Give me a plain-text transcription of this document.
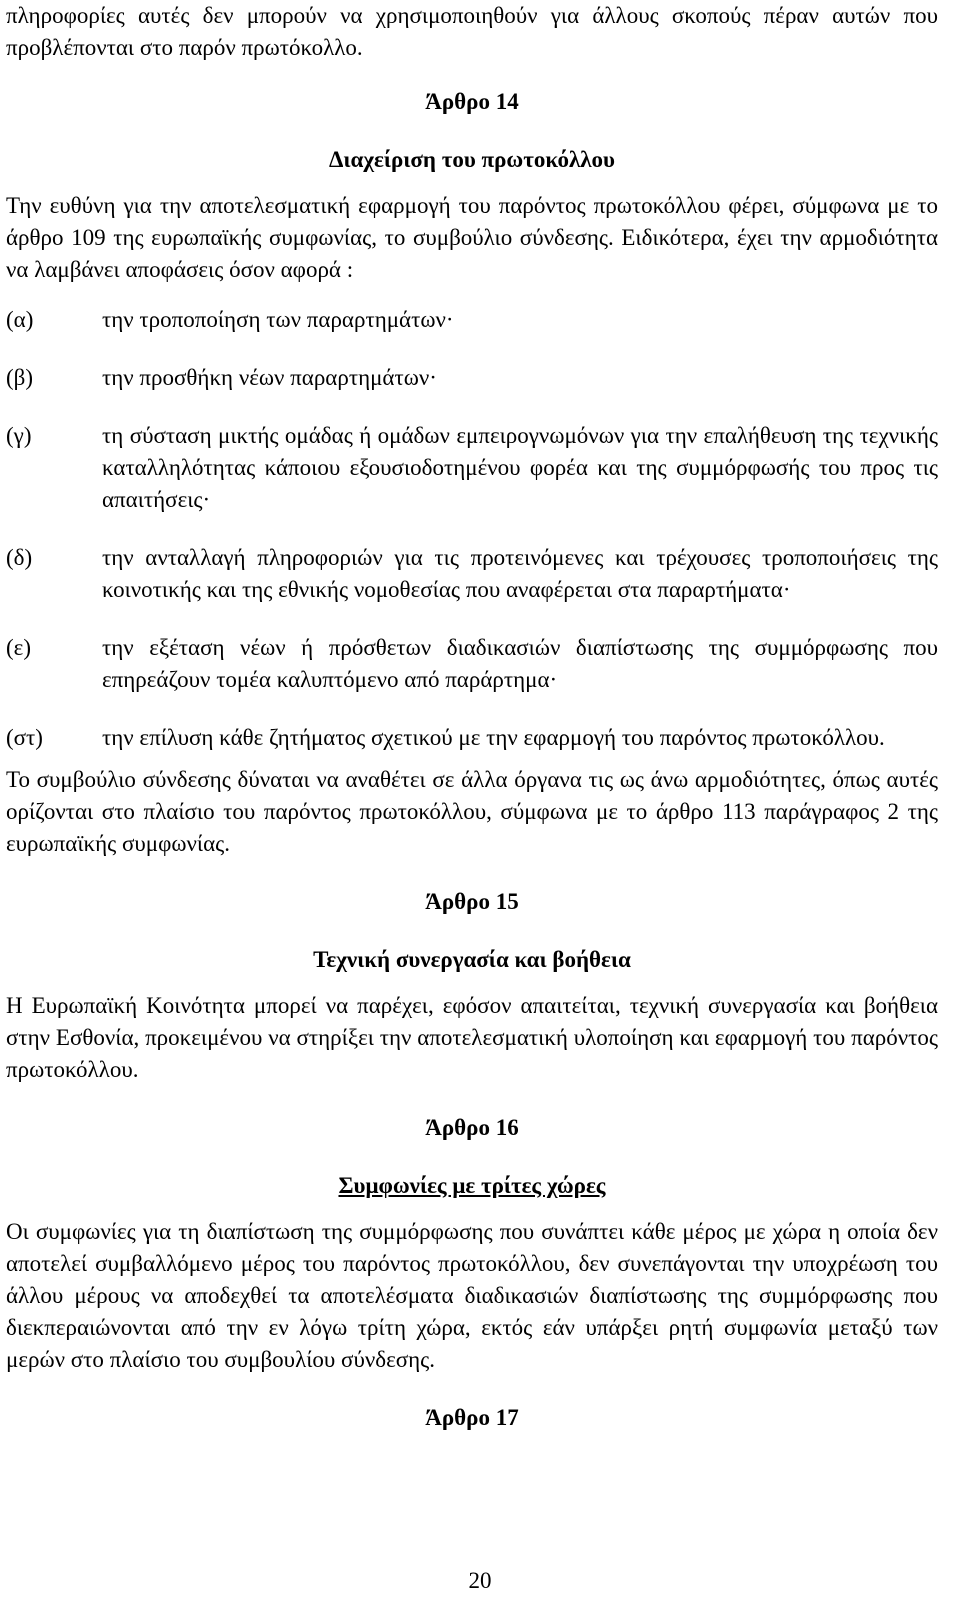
πληροφορίες αυτές δεν μπορούν να χρησιμοποιηθούν για άλλους σκοπούς πέραν αυτών που προβλέπονται στο παρόν πρωτόκολλο.

Άρθρο 14
Διαχείριση του πρωτοκόλλου

Την ευθύνη για την αποτελεσματική εφαρμογή του παρόντος πρωτοκόλλου φέρει, σύμφωνα με το άρθρο 109 της ευρωπαϊκής συμφωνίας, το συμβούλιο σύνδεσης. Ειδικότερα, έχει την αρμοδιότητα να λαμβάνει αποφάσεις όσον αφορά :

(α)	την τροποποίηση των παραρτημάτων·
(β)	την προσθήκη νέων παραρτημάτων·
(γ)	τη σύσταση μικτής ομάδας ή ομάδων εμπειρογνωμόνων για την επαλήθευση της τεχνικής καταλληλότητας κάποιου εξουσιοδοτημένου φορέα και της συμμόρφωσής του προς τις απαιτήσεις·
(δ)	την ανταλλαγή πληροφοριών για τις προτεινόμενες και τρέχουσες τροποποιήσεις της κοινοτικής και της εθνικής νομοθεσίας που αναφέρεται στα παραρτήματα·
(ε)	την εξέταση νέων ή πρόσθετων διαδικασιών διαπίστωσης της συμμόρφωσης που επηρεάζουν τομέα καλυπτόμενο από παράρτημα·
(στ)	την επίλυση κάθε ζητήματος σχετικού με την εφαρμογή του παρόντος πρωτοκόλλου.

Το συμβούλιο σύνδεσης δύναται να αναθέτει σε άλλα όργανα τις ως άνω αρμοδιότητες, όπως αυτές ορίζονται στο πλαίσιο του παρόντος πρωτοκόλλου, σύμφωνα με το άρθρο 113 παράγραφος 2 της ευρωπαϊκής συμφωνίας.

Άρθρο 15
Τεχνική συνεργασία και βοήθεια

Η Ευρωπαϊκή Κοινότητα μπορεί να παρέχει, εφόσον απαιτείται, τεχνική συνεργασία και βοήθεια στην Εσθονία, προκειμένου να στηρίξει την αποτελεσματική υλοποίηση και εφαρμογή του παρόντος πρωτοκόλλου.

Άρθρο 16
Συμφωνίες με τρίτες χώρες

Οι συμφωνίες για τη διαπίστωση της συμμόρφωσης που συνάπτει κάθε μέρος με χώρα η οποία δεν αποτελεί συμβαλλόμενο μέρος του παρόντος πρωτοκόλλου, δεν συνεπάγονται την υποχρέωση του άλλου μέρους να αποδεχθεί τα αποτελέσματα διαδικασιών διαπίστωσης της συμμόρφωσης που διεκπεραιώνονται από την εν λόγω τρίτη χώρα, εκτός εάν υπάρξει ρητή συμφωνία μεταξύ των μερών στο πλαίσιο του συμβουλίου σύνδεσης.

Άρθρο 17
20
